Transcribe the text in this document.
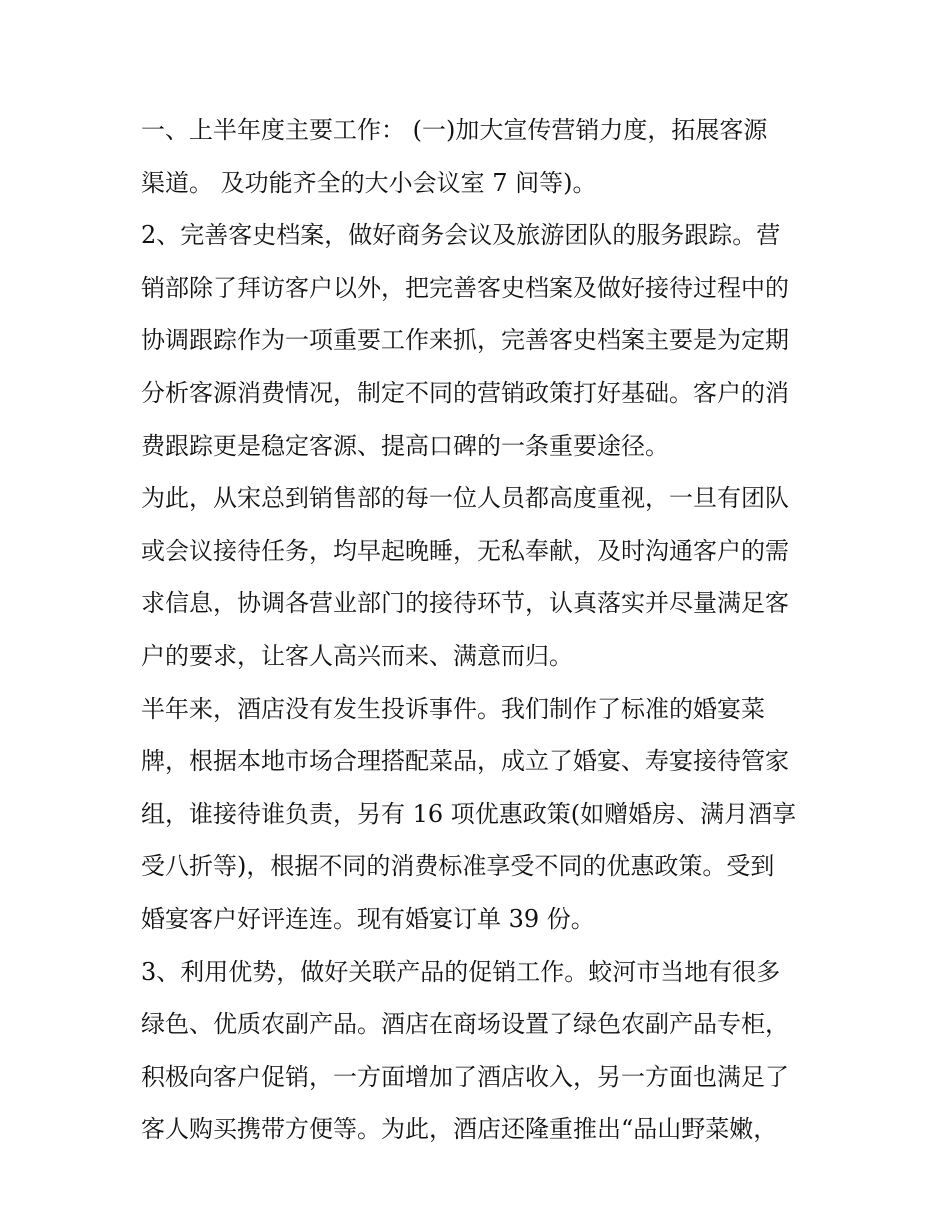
一、上半年度主要工作： (一)加大宣传营销力度，拓展客源
渠道。 及功能齐全的大小会议室 7 间等)。
2、完善客史档案，做好商务会议及旅游团队的服务跟踪。营
销部除了拜访客户以外，把完善客史档案及做好接待过程中的
协调跟踪作为一项重要工作来抓，完善客史档案主要是为定期
分析客源消费情况，制定不同的营销政策打好基础。客户的消
费跟踪更是稳定客源、提高口碑的一条重要途径。
为此，从宋总到销售部的每一位人员都高度重视，一旦有团队
或会议接待任务，均早起晚睡，无私奉献，及时沟通客户的需
求信息，协调各营业部门的接待环节，认真落实并尽量满足客
户的要求，让客人高兴而来、满意而归。
半年来，酒店没有发生投诉事件。我们制作了标准的婚宴菜
牌，根据本地市场合理搭配菜品，成立了婚宴、寿宴接待管家
组，谁接待谁负责，另有 16 项优惠政策(如赠婚房、满月酒享
受八折等)，根据不同的消费标准享受不同的优惠政策。受到
婚宴客户好评连连。现有婚宴订单 39 份。
3、利用优势，做好关联产品的促销工作。蛟河市当地有很多
绿色、优质农副产品。酒店在商场设置了绿色农副产品专柜，
积极向客户促销，一方面增加了酒店收入，另一方面也满足了
客人购买携带方便等。为此，酒店还隆重推出“品山野菜嫩，
